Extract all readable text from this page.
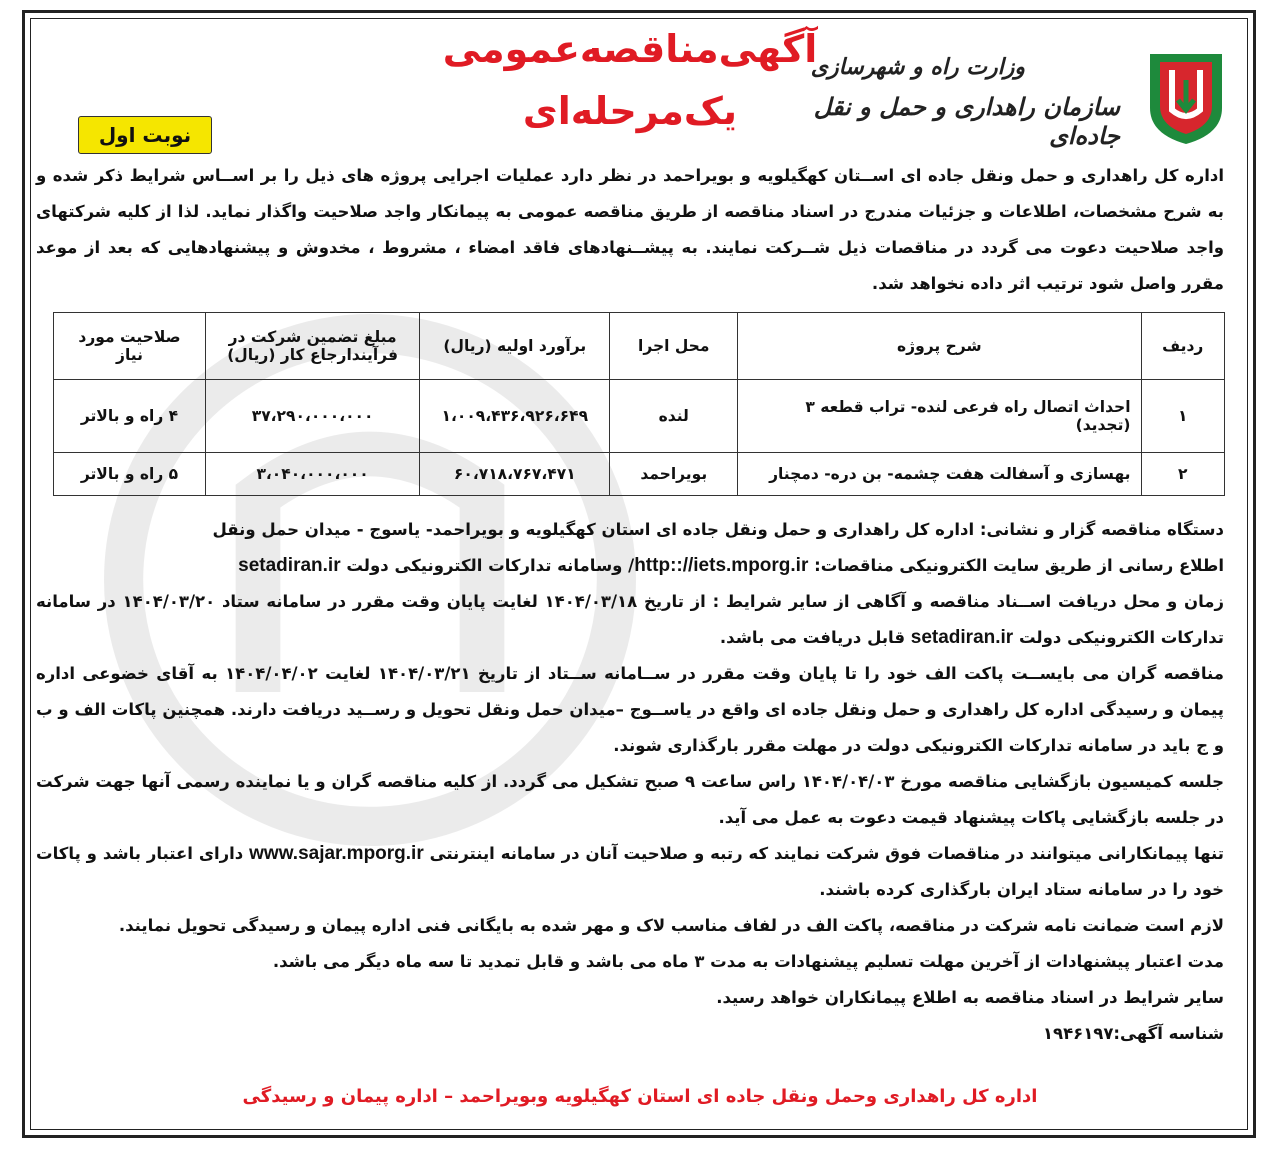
وزارت راه و شهرسازی
سازمان راهداری و حمل و نقل جاده‌ای
آگهی‌مناقصه‌عمومی
یک‌مرحله‌ای
نوبت اول
اداره کل راهداری و حمل ونقل جاده ای اســتان کهگیلویه و بویراحمد در نظر دارد عملیات اجرایی پروژه های ذیل را بر اســاس شرایط ذکر شده و به شرح مشخصات، اطلاعات و جزئیات مندرج در اسناد مناقصه از طریق مناقصه عمومی به پیمانکار واجد صلاحیت واگذار نماید. لذا از کلیه شرکتهای واجد صلاحیت دعوت می گردد در مناقصات ذیل شــرکت نمایند. به پیشــنهادهای فاقد امضاء ، مشروط ، مخدوش و پیشنهادهایی که بعد از موعد مقرر واصل شود ترتیب اثر داده نخواهد شد.
ردیف	شرح پروژه	محل اجرا	برآورد اولیه (ریال)	مبلغ تضمین شرکت در فرآیندارجاع کار (ریال)	صلاحیت مورد نیاز
۱	احداث اتصال راه فرعی لنده- تراب قطعه ۳ (تجدید)	لنده	۱،۰۰۹،۴۳۶،۹۲۶،۶۴۹	۳۷،۲۹۰،۰۰۰،۰۰۰	۴ راه و بالاتر
۲	بهسازی و آسفالت هفت چشمه- بن دره- دمچنار	بویراحمد	۶۰،۷۱۸،۷۶۷،۴۷۱	۳،۰۴۰،۰۰۰،۰۰۰	۵ راه و بالاتر

دستگاه مناقصه گزار و نشانی: اداره کل راهداری و حمل ونقل جاده ای استان کهگیلویه و بویراحمد- یاسوج - میدان حمل ونقل

اطلاع رسانی از طریق سایت الکترونیکی مناقصات: http:://iets.mporg.ir/ وسامانه تدارکات الکترونیکی دولت setadiran.ir

زمان و محل دریافت اســناد مناقصه و آگاهی از سایر شرایط : از تاریخ ۱۴۰۴/۰۳/۱۸ لغایت پایان وقت مقرر در سامانه ستاد ۱۴۰۴/۰۳/۲۰ در سامانه تدارکات الکترونیکی دولت setadiran.ir قابل دریافت می باشد.

مناقصه گران می بایســت پاکت الف خود را تا پایان وقت مقرر در ســامانه ســتاد از تاریخ ۱۴۰۴/۰۳/۲۱ لغایت ۱۴۰۴/۰۴/۰۲ به آقای خضوعی اداره پیمان و رسیدگی اداره کل راهداری و حمل ونقل جاده ای واقع در یاســوج –میدان حمل ونقل تحویل و رســید دریافت دارند. همچنین پاکات الف و ب و ج باید در سامانه تدارکات الکترونیکی دولت در مهلت مقرر بارگذاری شوند.

جلسه کمیسیون بازگشایی مناقصه مورخ ۱۴۰۴/۰۴/۰۳ راس ساعت ۹ صبح تشکیل می گردد. از کلیه مناقصه گران و یا نماینده رسمی آنها جهت شرکت در جلسه بازگشایی پاکات پیشنهاد قیمت دعوت به عمل می آید.

تنها پیمانکارانی میتوانند در مناقصات فوق شرکت نمایند که رتبه و صلاحیت آنان در سامانه اینترنتی www.sajar.mporg.ir دارای اعتبار باشد و پاکات خود را در سامانه ستاد ایران بارگذاری کرده باشند.

لازم است ضمانت نامه شرکت در مناقصه، پاکت الف در لفاف مناسب لاک و مهر شده به بایگانی فنی اداره پیمان و رسیدگی تحویل نمایند.

مدت اعتبار پیشنهادات از آخرین مهلت تسلیم پیشنهادات به مدت ۳ ماه می باشد و قابل تمدید تا سه ماه دیگر می باشد.

سایر شرایط در اسناد مناقصه به اطلاع پیمانکاران خواهد رسید.

شناسه آگهی:۱۹۴۶۱۹۷

اداره کل راهداری وحمل ونقل جاده ای استان کهگیلویه وبویراحمد – اداره پیمان و رسیدگی
